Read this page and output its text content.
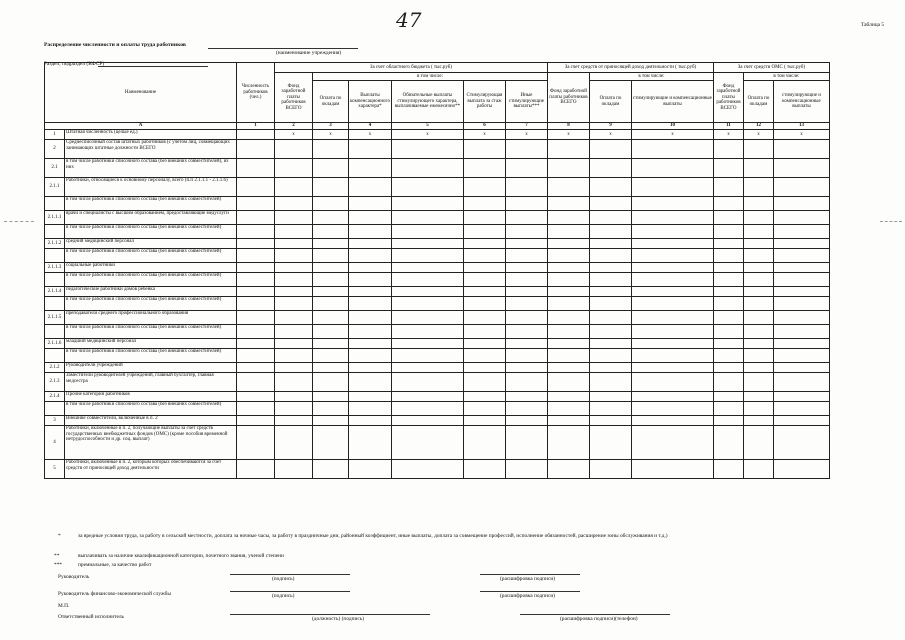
47	Таблица 5
Распределение численности и оплаты труда работников
(наименование учреждения)
Раздел, подраздел (КФСР)
Наименование		Численность работников (чел.)	За счет областного бюджета ( тыс.руб)						За счет средств от приносящей доход деятельности ( тыс.руб)			За счет средств ОМС ( тыс.руб)		
			Фонд заработной платы работников ВСЕГО	в том числе:					Фонд заработной платы работников ВСЕГО	в том числе:		Фонд заработной платы работников ВСЕГО	в том числе:	
				Оплата по окладам	Выплаты компенсационного характера*	Обязательные выплаты стимулирующего характера, выплачиваемые ежемесячно**	Стимулирующая выплата за стаж работы	Иные стимулирующие выплаты***		Оплата по окладам	стимулирующие и компенсационные выплаты		Оплата по окладам	стимулирующие и компенсационные выплаты
А		1	2	3	4	5	6	7	8	9	10	11	12	13
1	Штатная численность (целые ед.)		х	х	х	х	х	х	х	х	х	х	х	х
2	Среднесписочный состав штатных работников (с учетом лиц, совмещающих занимающих штатные должности ВСЕГО													
2.1	в том числе работники списочного состава (без внешних совместителей), из них													
2.1.1	Работники, относящиеся к основному персоналу, всего (п.п 2.1.1.1 - 2.1.1.6)													
	в том числе работники списочного состава (без внешних совместителей)													
2.1.1.1	врачи и специалисты с высшим образованием, предоставляющие медуслуги													
	в том числе работники списочного состава (без внешних совместителей)													
2.1.1.2	средний медицинский персонал													
	в том числе работники списочного состава (без внешних совместителей)													
2.1.1.3	социальные работники													
	в том числе работники списочного состава (без внешних совместителей)													
2.1.1.4	педагогические работники домов ребенка													
	в том числе работники списочного состава (без внешних совместителей)													
2.1.1.5	преподаватели среднего профессионального образования													
	в том числе работники списочного состава (без внешних совместителей)													
2.1.1.6	младший медицинский персонал													
	в том числе работники списочного состава (без внешних совместителей)													
2.1.2	Руководители учреждений													
2.1.3	Заместители руководителей учреждений, главный бухгалтер, главная медсестра													
2.1.4	Прочие категории работников													
	в том числе работники списочного состава (без внешних совместителей)													
3	Внешние совместители, включенные в п. 2													
4	Работники, включенные в п. 2, получающие выплаты за счет средств государственных внебюджетных фондов (ОМС) (кроме пособия временной нетрудоспособности и др. соц. выплат)													
5	Работники, включенные в п. 2, которым которых обеспечиваются за счет средств от приносящей доход деятельности													
*	за вредные условия труда, за работу в сельской местности, доплата за ночные часы, за работу в праздничные дни, районный коэффициент, иные выплаты, доплата за совмещение профессий, исполнение обязанностей, расширение зоны обслуживания и т.д.)
**	выплачивать за наличие квалификационной категории, почетного звания, ученой степени
***	премиальные, за качество работ
Руководитель	(подпись)	(расшифровка подписи)
Руководитель финансово-экономической службы	(подпись)	(расшифровка подписи)
М.П.
Ответственный исполнитель	(должность) (подпись)	(расшифровка подписи)(телефон)
